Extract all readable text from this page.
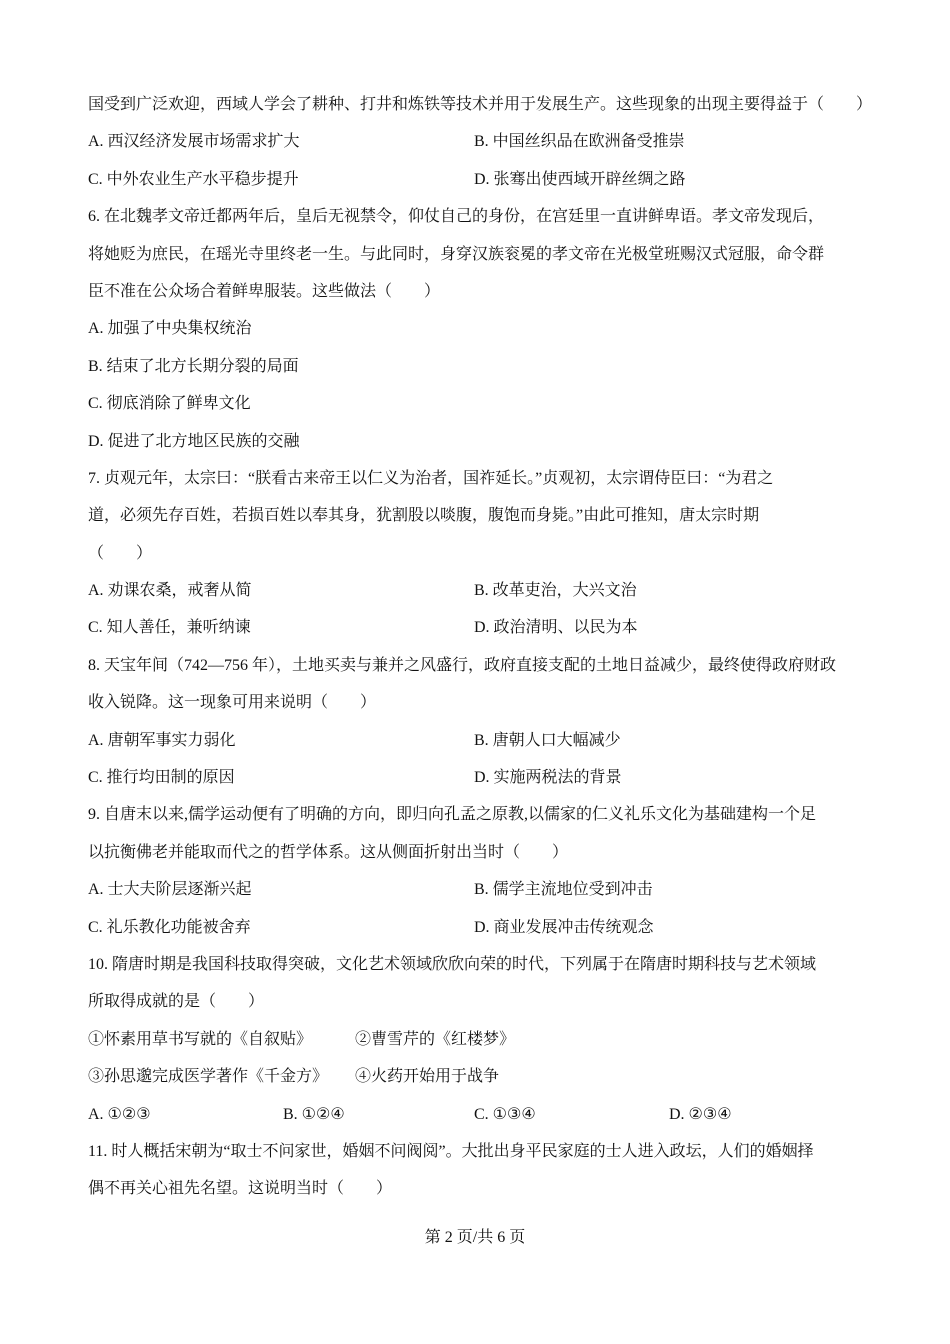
国受到广泛欢迎，西域人学会了耕种、打井和炼铁等技术并用于发展生产。这些现象的出现主要得益于（　　）
A. 西汉经济发展市场需求扩大	B. 中国丝织品在欧洲备受推崇
C. 中外农业生产水平稳步提升	D. 张骞出使西域开辟丝绸之路
6. 在北魏孝文帝迁都两年后，皇后无视禁令，仰仗自己的身份，在宫廷里一直讲鲜卑语。孝文帝发现后，
将她贬为庶民，在瑶光寺里终老一生。与此同时，身穿汉族衮冕的孝文帝在光极堂班赐汉式冠服，命令群
臣不准在公众场合着鲜卑服装。这些做法（　　）
A. 加强了中央集权统治
B. 结束了北方长期分裂的局面
C. 彻底消除了鲜卑文化
D. 促进了北方地区民族的交融
7. 贞观元年，太宗曰：“朕看古来帝王以仁义为治者，国祚延长。”贞观初，太宗谓侍臣曰：“为君之
道，必须先存百姓，若损百姓以奉其身，犹割股以啖腹，腹饱而身毙。”由此可推知，唐太宗时期
（　　）
A. 劝课农桑，戒奢从简	B. 改革吏治，大兴文治
C. 知人善任，兼听纳谏	D. 政治清明、以民为本
8. 天宝年间（742—756 年），土地买卖与兼并之风盛行，政府直接支配的土地日益减少，最终使得政府财政
收入锐降。这一现象可用来说明（　　）
A. 唐朝军事实力弱化	B. 唐朝人口大幅减少
C. 推行均田制的原因	D. 实施两税法的背景
9. 自唐末以来,儒学运动便有了明确的方向，即归向孔孟之原教,以儒家的仁义礼乐文化为基础建构一个足
以抗衡佛老并能取而代之的哲学体系。这从侧面折射出当时（　　）
A. 士大夫阶层逐渐兴起	B. 儒学主流地位受到冲击
C. 礼乐教化功能被舍弃	D. 商业发展冲击传统观念
10. 隋唐时期是我国科技取得突破，文化艺术领域欣欣向荣的时代，下列属于在隋唐时期科技与艺术领域
所取得成就的是（　　）
①怀素用草书写就的《自叙贴》	②曹雪芹的《红楼梦》
③孙思邈完成医学著作《千金方》 ④火药开始用于战争
A. ①②③	B. ①②④	C. ①③④	D. ②③④
11. 时人概括宋朝为“取士不问家世，婚姻不问阀阅”。大批出身平民家庭的士人进入政坛，人们的婚姻择
偶不再关心祖先名望。这说明当时（　　）
第 2 页/共 6 页
